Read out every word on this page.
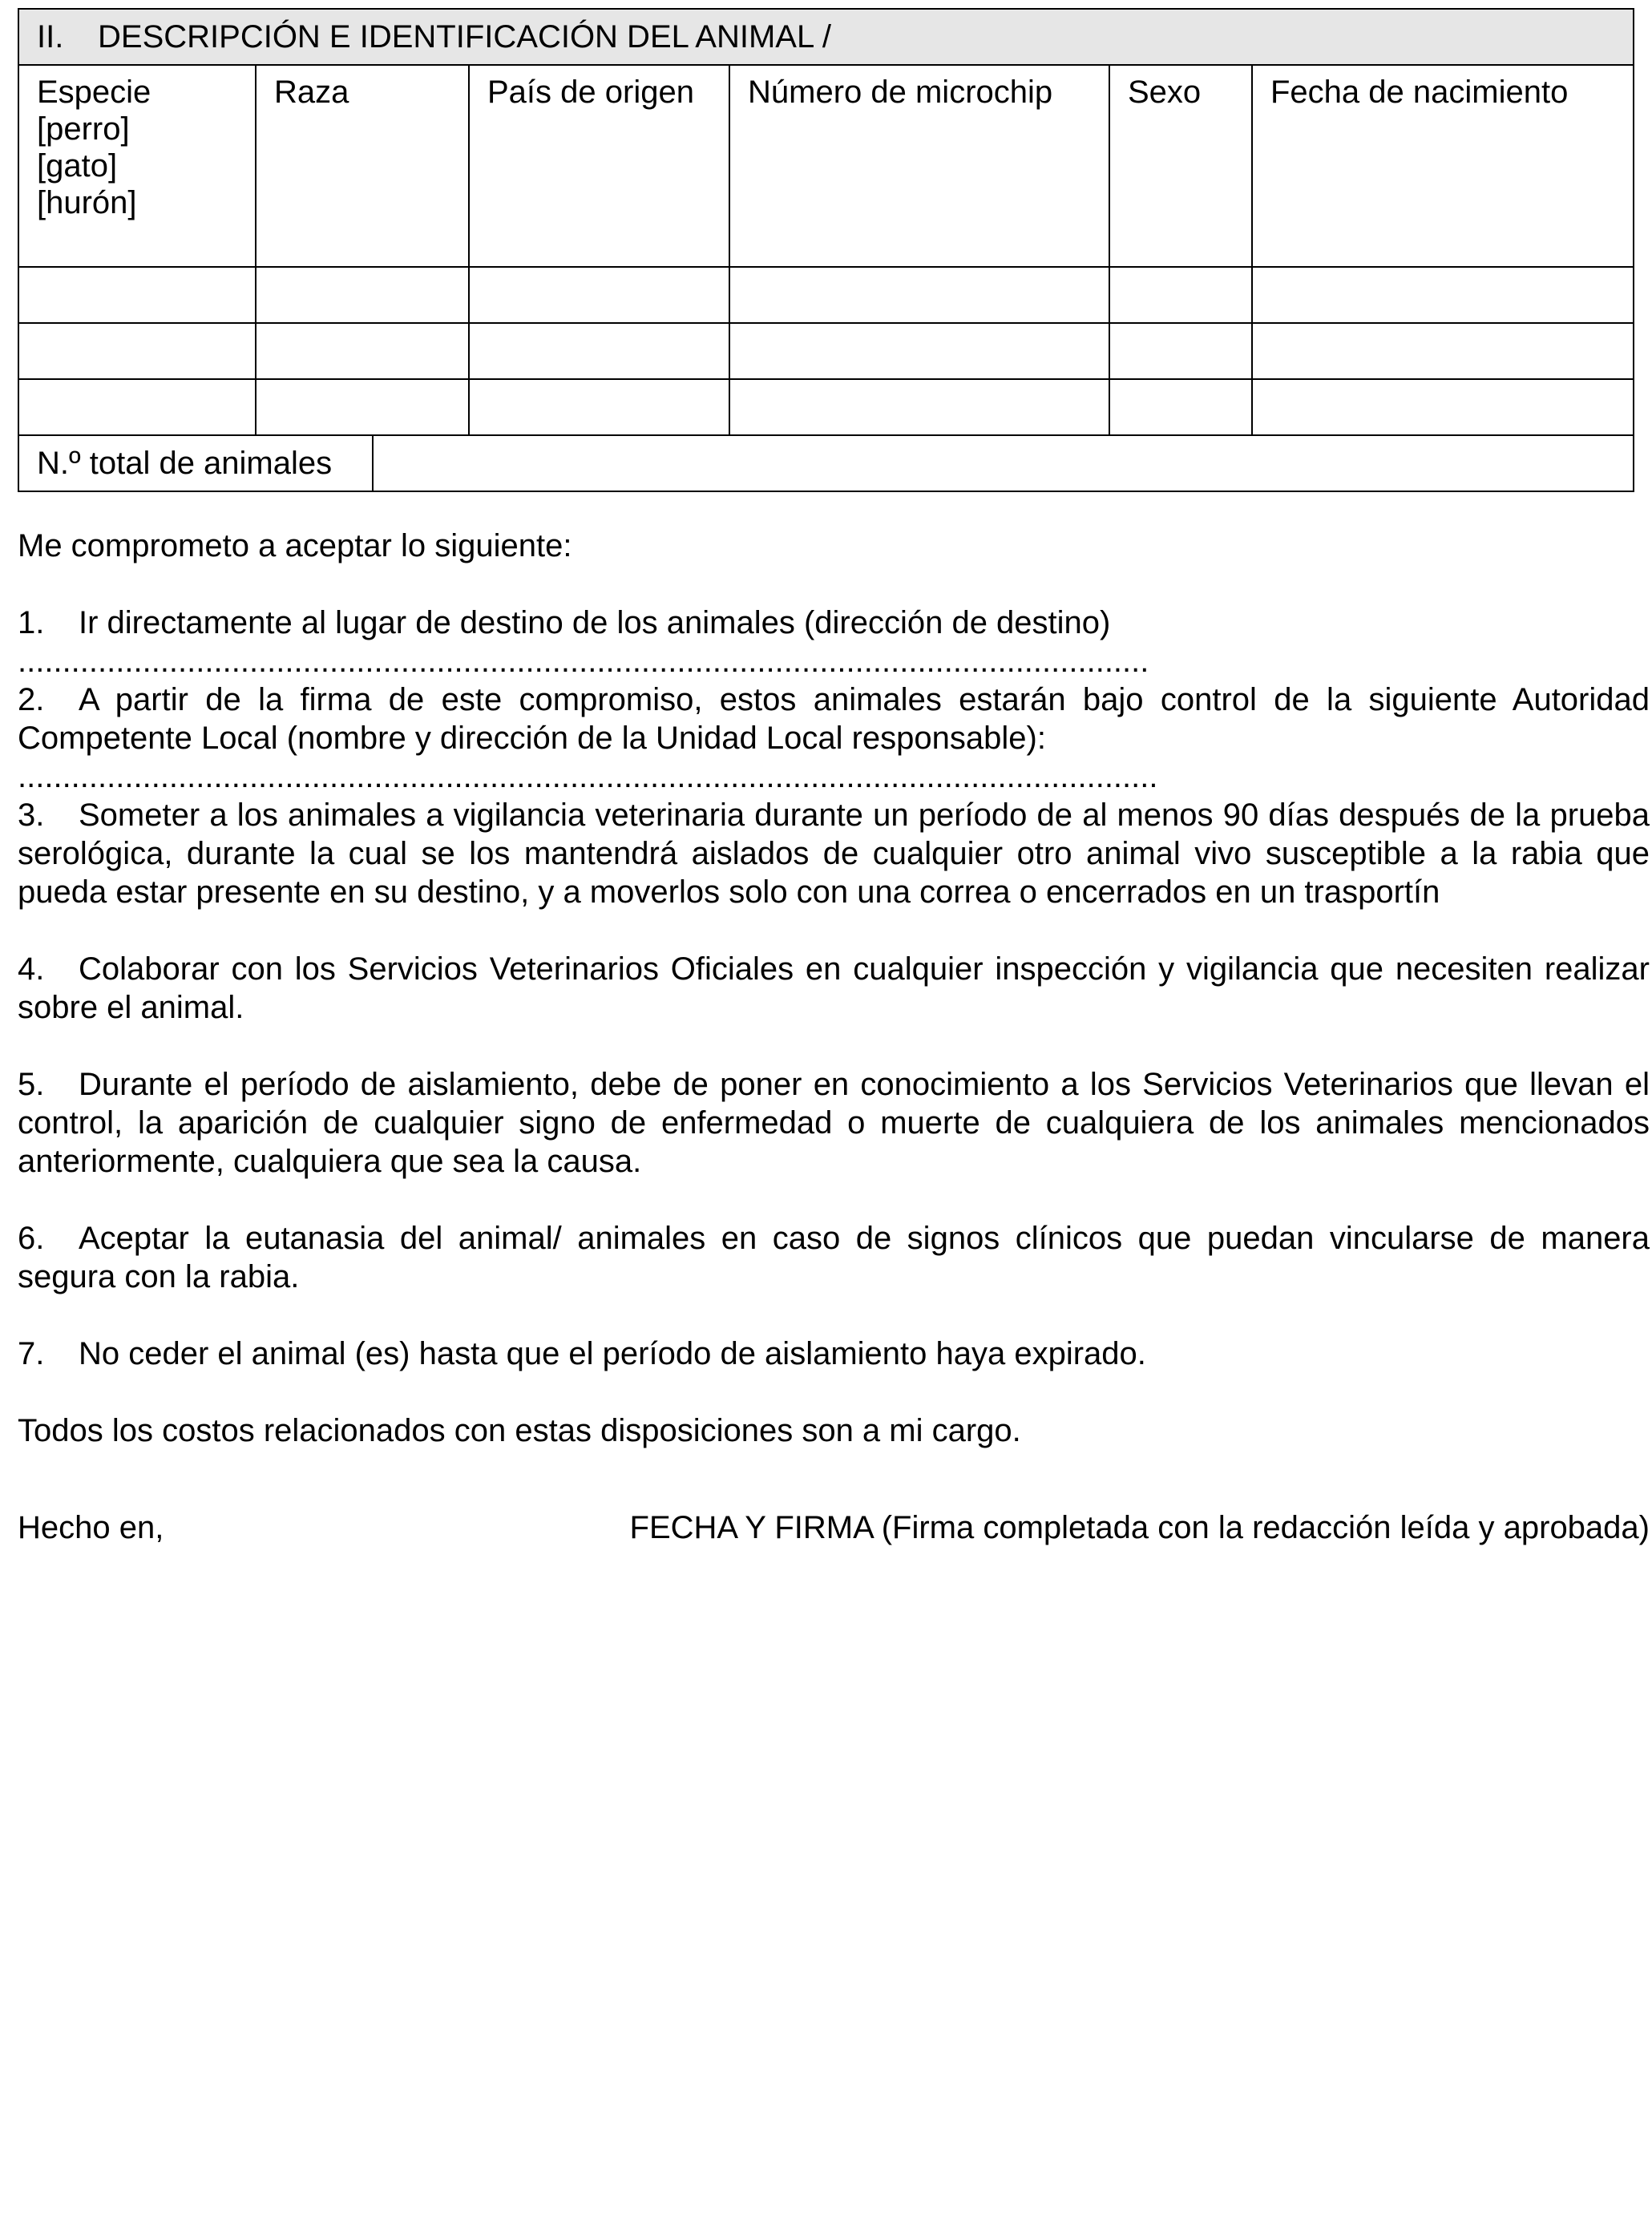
II. DESCRIPCIÓN E IDENTIFICACIÓN DEL ANIMAL /						

Especie
[perro]
[gato]
[hurón]	Raza		País de origen	Número de microchip	Sexo	Fecha de nacimiento

N.º total de animales						
Me comprometo a aceptar lo siguiente:
1. Ir directamente al lugar de destino de los animales (dirección de destino)
...............................................................................................................................
2. A partir de la firma de este compromiso, estos animales estarán bajo control de la siguiente Autoridad Competente Local (nombre y dirección de la Unidad Local responsable):
................................................................................................................................
3. Someter a los animales a vigilancia veterinaria durante un período de al menos 90 días después de la prueba serológica, durante la cual se los mantendrá aislados de cualquier otro animal vivo susceptible a la rabia que pueda estar presente en su destino, y a moverlos solo con una correa o encerrados en un trasportín
4. Colaborar con los Servicios Veterinarios Oficiales en cualquier inspección y vigilancia que necesiten realizar sobre el animal.
5. Durante el período de aislamiento, debe de poner en conocimiento a los Servicios Veterinarios que llevan el control, la aparición de cualquier signo de enfermedad o muerte de cualquiera de los animales mencionados anteriormente, cualquiera que sea la causa.
6. Aceptar la eutanasia del animal/ animales en caso de signos clínicos que puedan vincularse de manera segura con la rabia.
7. No ceder el animal (es) hasta que el período de aislamiento haya expirado.
Todos los costos relacionados con estas disposiciones son a mi cargo.
Hecho en,	FECHA Y FIRMA (Firma completada con la redacción leída y aprobada)
